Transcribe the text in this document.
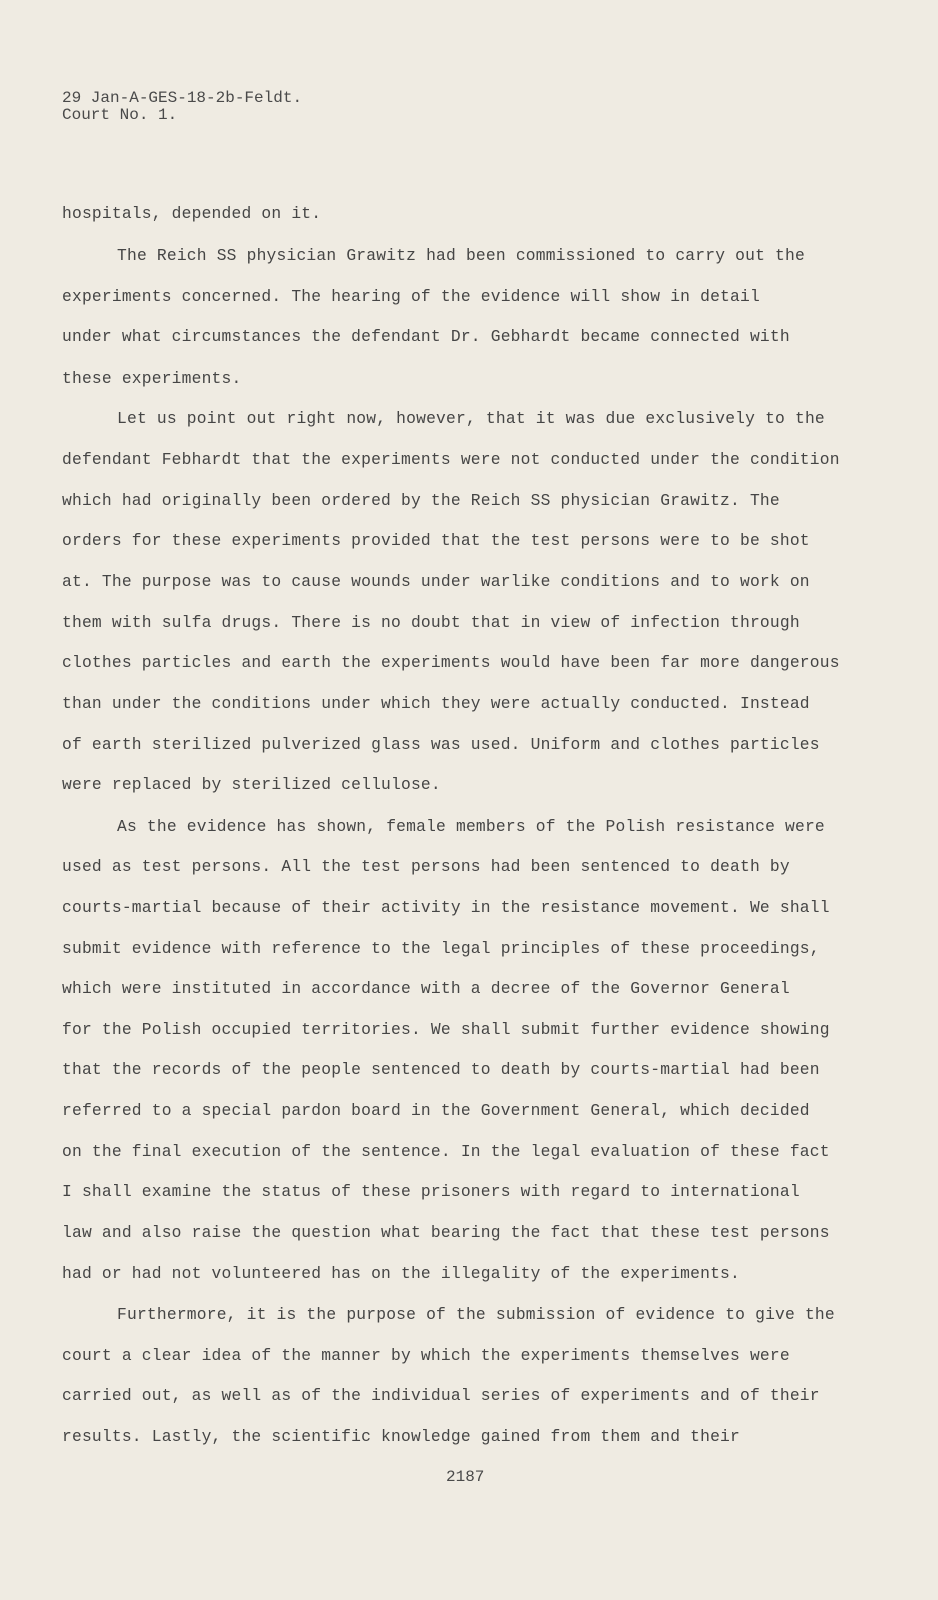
29 Jan-A-GES-18-2b-Feldt.
Court No. 1.
hospitals, depended on it.
The Reich SS physician Grawitz had been commissioned to carry out the
experiments concerned. The hearing of the evidence will show in detail
under what circumstances the defendant Dr. Gebhardt became connected with
these experiments.
Let us point out right now, however, that it was due exclusively to the
defendant Febhardt that the experiments were not conducted under the condition
which had originally been ordered by the Reich SS physician Grawitz. The
orders for these experiments provided that the test persons were to be shot
at. The purpose was to cause wounds under warlike conditions and to work on
them with sulfa drugs. There is no doubt that in view of infection through
clothes particles and earth the experiments would have been far more dangerous
than under the conditions under which they were actually conducted. Instead
of earth sterilized pulverized glass was used. Uniform and clothes particles
were replaced by sterilized cellulose.
As the evidence has shown, female members of the Polish resistance were
used as test persons. All the test persons had been sentenced to death by
courts-martial because of their activity in the resistance movement. We shall
submit evidence with reference to the legal principles of these proceedings,
which were instituted in accordance with a decree of the Governor General
for the Polish occupied territories. We shall submit further evidence showing
that the records of the people sentenced to death by courts-martial had been
referred to a special pardon board in the Government General, which decided
on the final execution of the sentence. In the legal evaluation of these fact
I shall examine the status of these prisoners with regard to international
law and also raise the question what bearing the fact that these test persons
had or had not volunteered has on the illegality of the experiments.
Furthermore, it is the purpose of the submission of evidence to give the
court a clear idea of the manner by which the experiments themselves were
carried out, as well as of the individual series of experiments and of their
results. Lastly, the scientific knowledge gained from them and their
2187
